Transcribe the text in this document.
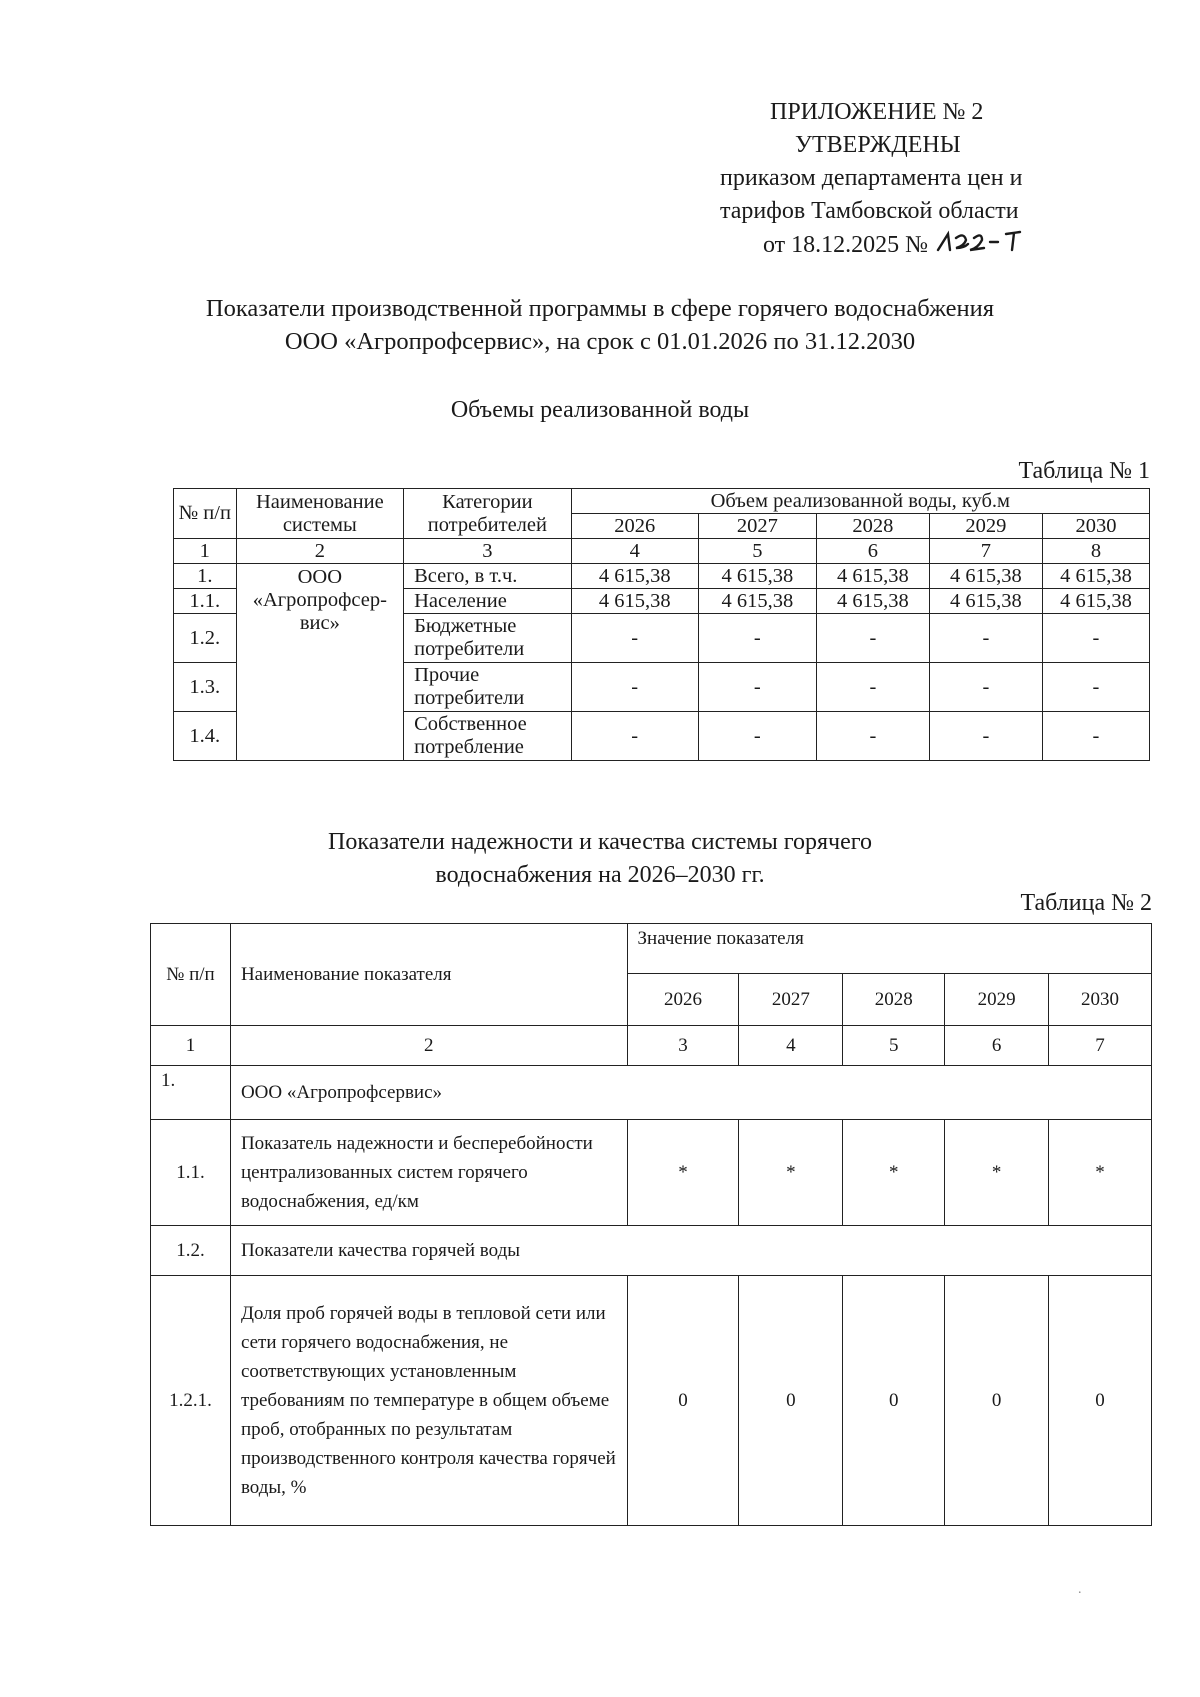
ПРИЛОЖЕНИЕ № 2
УТВЕРЖДЕНЫ
приказом департамента цен и
тарифов Тамбовской области
от 18.12.2025 №
Показатели производственной программы в сфере горячего водоснабжения
ООО «Агропрофсервис», на срок с 01.01.2026 по 31.12.2030
Объемы реализованной воды
Таблица № 1
№ п/п	Наименование системы	Категории потребителей	Объем реализованной воды, куб.м				
			2026	2027	2028	2029	2030
1	2	3	4	5	6	7	8
1.	ООО «Агропрофсер-вис»	Всего, в т.ч.	4 615,38	4 615,38	4 615,38	4 615,38	4 615,38
1.1.		Население	4 615,38	4 615,38	4 615,38	4 615,38	4 615,38
1.2.		Бюджетные потребители	-	-	-	-	-
1.3.		Прочие потребители	-	-	-	-	-
1.4.		Собственное потребление	-	-	-	-	-
Показатели надежности и качества системы горячего
водоснабжения на 2026–2030 гг.
Таблица № 2
№ п/п	Наименование показателя	Значение показателя				
		2026	2027	2028	2029	2030
1	2	3	4	5	6	7
1.	ООО «Агропрофсервис»					
1.1.	Показатель надежности и бесперебойности централизованных систем горячего водоснабжения, ед/км	*	*	*	*	*
1.2.	Показатели качества горячей воды					
1.2.1.	Доля проб горячей воды в тепловой сети или сети горячего водоснабжения, не соответствующих установленным требованиям по температуре в общем объеме проб, отобранных по результатам производственного контроля качества горячей воды, %	0	0	0	0	0
.
